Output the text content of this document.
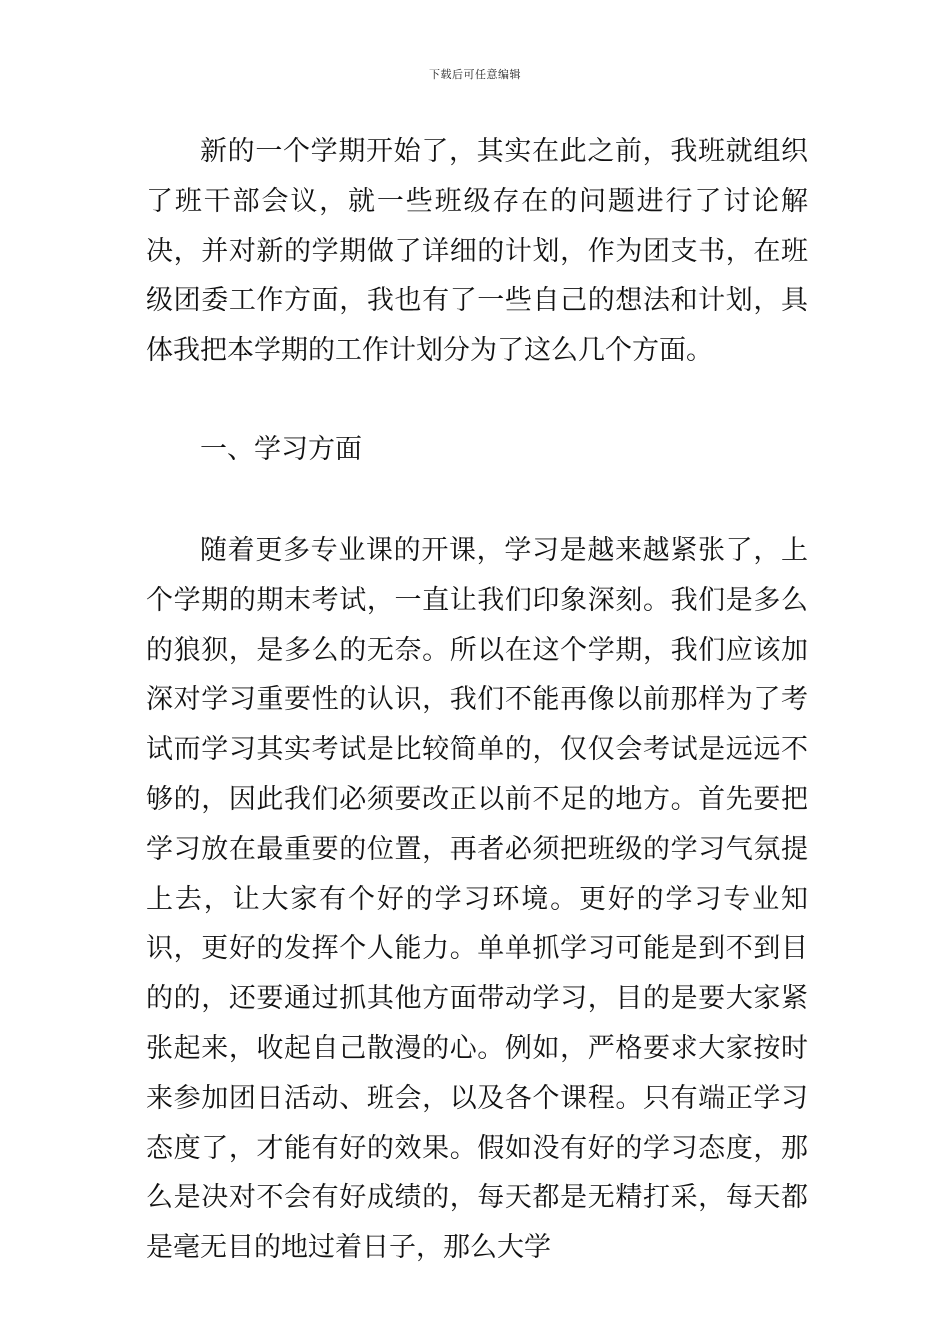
下载后可任意编辑

新的一个学期开始了，其实在此之前，我班就组织了班干部会议，就一些班级存在的问题进行了讨论解决，并对新的学期做了详细的计划，作为团支书，在班级团委工作方面，我也有了一些自己的想法和计划，具体我把本学期的工作计划分为了这么几个方面。

一、学习方面

随着更多专业课的开课，学习是越来越紧张了，上个学期的期末考试，一直让我们印象深刻。我们是多么的狼狈，是多么的无奈。所以在这个学期，我们应该加深对学习重要性的认识，我们不能再像以前那样为了考试而学习其实考试是比较简单的，仅仅会考试是远远不够的，因此我们必须要改正以前不足的地方。首先要把学习放在最重要的位置，再者必须把班级的学习气氛提上去，让大家有个好的学习环境。更好的学习专业知识，更好的发挥个人能力。单单抓学习可能是到不到目的的，还要通过抓其他方面带动学习，目的是要大家紧张起来，收起自己散漫的心。例如，严格要求大家按时来参加团日活动、班会，以及各个课程。只有端正学习态度了，才能有好的效果。假如没有好的学习态度，那么是决对不会有好成绩的，每天都是无精打采，每天都是毫无目的地过着日子，那么大学
